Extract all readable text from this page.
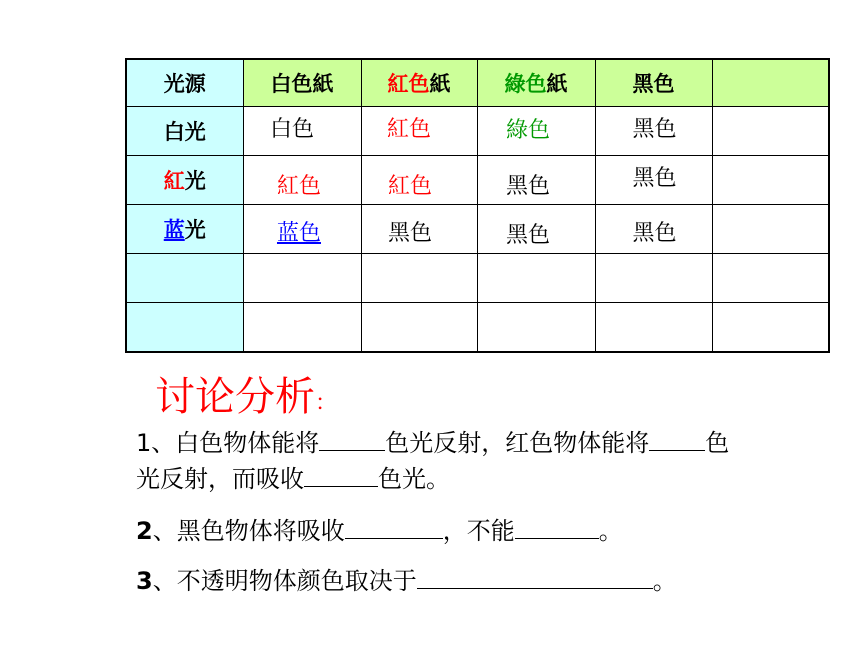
光源	白色紙	紅色紙	綠色紙	黑色	
白光	白色	紅色	綠色	黑色	
紅光	紅色	紅色	黑色	黑色	
蓝光	蓝色	黑色	黑色	黑色	

讨论分析：
1、白色物体能将	色光反射，红色物体能将 色
光反射，而吸收	色光。
2、黑色物体将吸收	，不能	。
3、不透明物体颜色取决于	。
